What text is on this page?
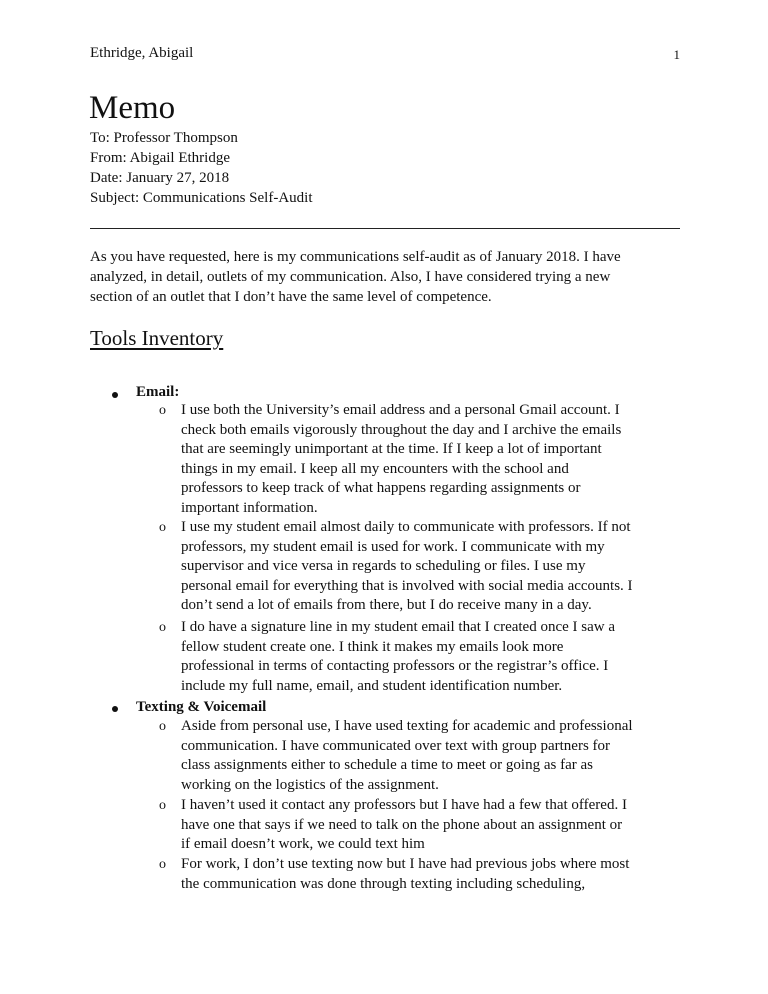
Ethridge, Abigail	1
Memo
To: Professor Thompson
From: Abigail Ethridge
Date: January 27, 2018
Subject: Communications Self-Audit
As you have requested, here is my communications self-audit as of January 2018. I have
analyzed, in detail, outlets of my communication. Also, I have considered trying a new
section of an outlet that I don’t have the same level of competence.
Tools Inventory
Email:
o I use both the University’s email address and a personal Gmail account. I
check both emails vigorously throughout the day and I archive the emails
that are seemingly unimportant at the time. If I keep a lot of important
things in my email. I keep all my encounters with the school and
professors to keep track of what happens regarding assignments or
important information.
o I use my student email almost daily to communicate with professors. If not
professors, my student email is used for work. I communicate with my
supervisor and vice versa in regards to scheduling or files. I use my
personal email for everything that is involved with social media accounts. I
don’t send a lot of emails from there, but I do receive many in a day.
o I do have a signature line in my student email that I created once I saw a
fellow student create one. I think it makes my emails look more
professional in terms of contacting professors or the registrar’s office. I
include my full name, email, and student identification number.
Texting & Voicemail
o Aside from personal use, I have used texting for academic and professional
communication. I have communicated over text with group partners for
class assignments either to schedule a time to meet or going as far as
working on the logistics of the assignment.
o I haven’t used it contact any professors but I have had a few that offered. I
have one that says if we need to talk on the phone about an assignment or
if email doesn’t work, we could text him
o For work, I don’t use texting now but I have had previous jobs where most
the communication was done through texting including scheduling,
